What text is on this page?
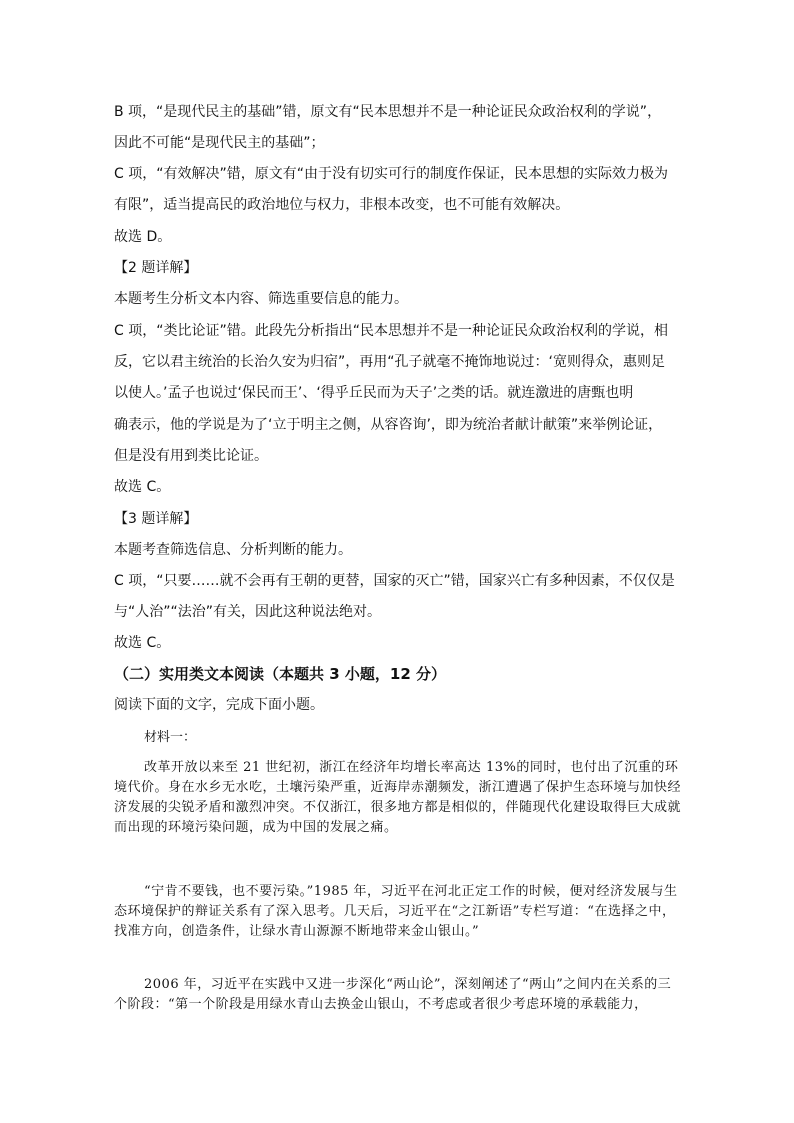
B 项，“是现代民主的基础”错，原文有“民本思想并不是一种论证民众政治权利的学说”，
因此不可能“是现代民主的基础”；
C 项，“有效解决”错，原文有“由于没有切实可行的制度作保证，民本思想的实际效力极为
有限”，适当提高民的政治地位与权力，非根本改变，也不可能有效解决。
故选 D。
【2 题详解】
本题考生分析文本内容、筛选重要信息的能力。
C 项，“类比论证”错。此段先分析指出“民本思想并不是一种论证民众政治权利的学说，相
反，它以君主统治的长治久安为归宿”，再用“孔子就毫不掩饰地说过：‘宽则得众，惠则足
以使人。’孟子也说过‘保民而王’、‘得乎丘民而为天子’之类的话。就连激进的唐甄也明
确表示，他的学说是为了‘立于明主之侧，从容咨询’，即为统治者献计献策”来举例论证，
但是没有用到类比论证。
故选 C。
【3 题详解】
本题考查筛选信息、分析判断的能力。
C 项，“只要……就不会再有王朝的更替，国家的灭亡”错，国家兴亡有多种因素，不仅仅是
与“人治”“法治”有关，因此这种说法绝对。
故选 C。
（二）实用类文本阅读（本题共 3 小题，12 分）
阅读下面的文字，完成下面小题。
材料一：
改革开放以来至 21 世纪初，浙江在经济年均增长率高达 13%的同时，也付出了沉重的环境代价。身在水乡无水吃，土壤污染严重，近海岸赤潮频发，浙江遭遇了保护生态环境与加快经济发展的尖锐矛盾和激烈冲突。不仅浙江，很多地方都是相似的，伴随现代化建设取得巨大成就而出现的环境污染问题，成为中国的发展之痛。
“宁肯不要钱，也不要污染。”1985 年，习近平在河北正定工作的时候，便对经济发展与生态环境保护的辩证关系有了深入思考。几天后，习近平在“之江新语”专栏写道：“在选择之中，找准方向，创造条件，让绿水青山源源不断地带来金山银山。”
2006 年，习近平在实践中又进一步深化“两山论”，深刻阐述了“两山”之间内在关系的三个阶段：“第一个阶段是用绿水青山去换金山银山，不考虑或者很少考虑环境的承载能力，
